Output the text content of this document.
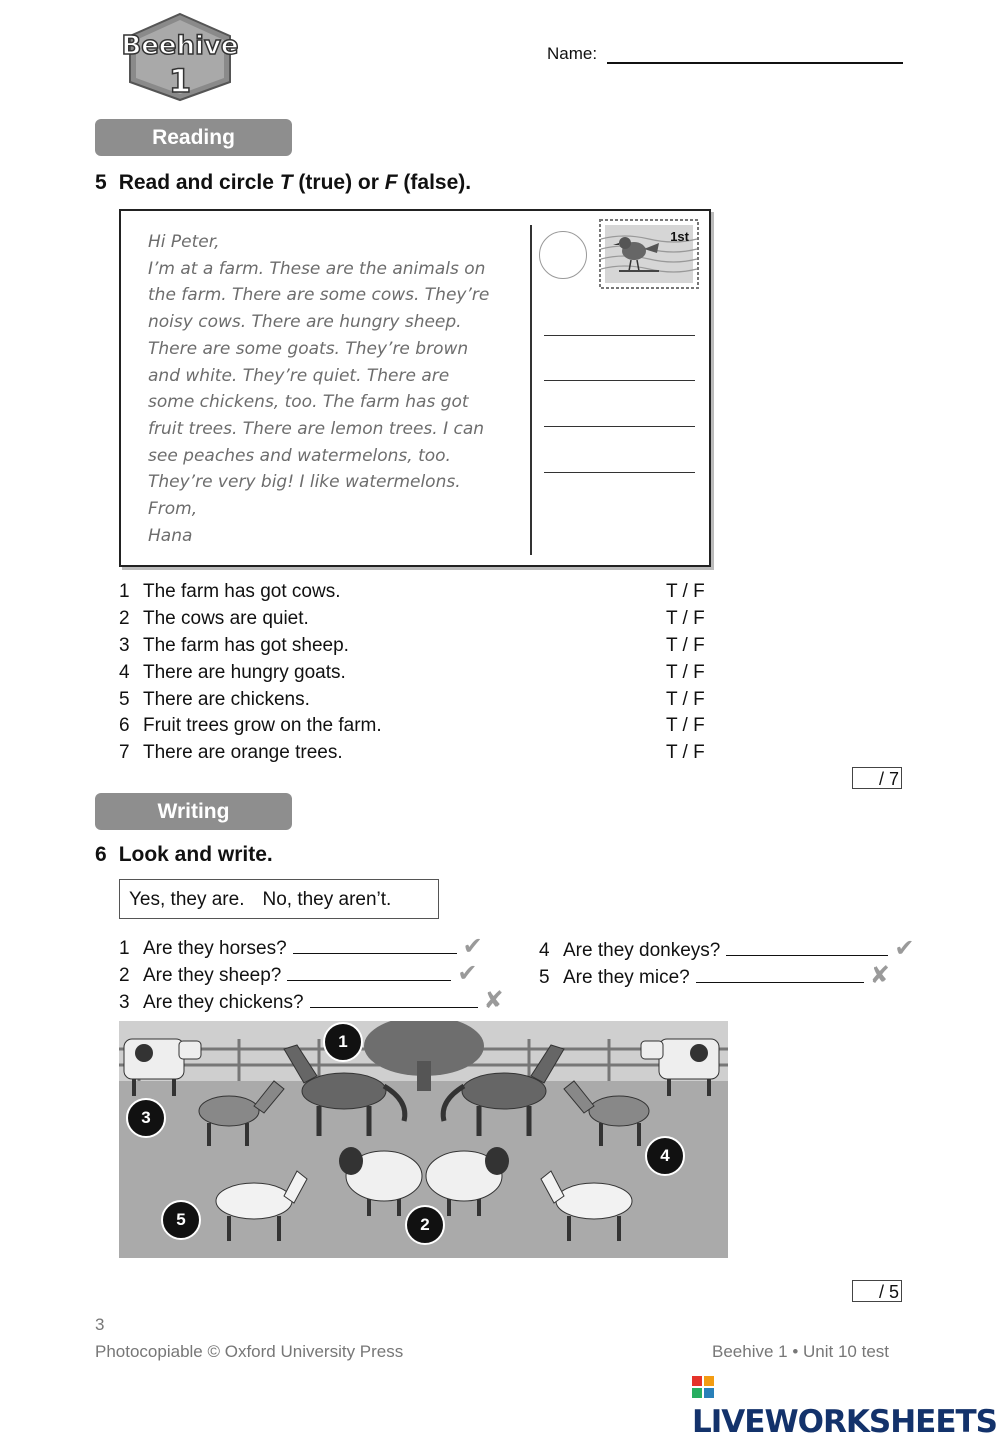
Beehive
1
Name:
Reading
5 Read and circle T (true) or F (false).
Hi Peter,
I’m at a farm. These are the animals on
the farm. There are some cows. They’re
noisy cows. There are hungry sheep.
There are some goats. They’re brown
and white. They’re quiet. There are
some chickens, too. The farm has got
fruit trees. There are lemon trees. I can
see peaches and watermelons, too.
They’re very big! I like watermelons.
From,
Hana
1st
1 The farm has got cows.	T / F
2 The cows are quiet.	T / F
3 The farm has got sheep.	T / F
4 There are hungry goats.	T / F
5 There are chickens.	T / F
6 Fruit trees grow on the farm.	T / F
7 There are orange trees.	T / F
/ 7
Writing
6 Look and write.
Yes, they are. No, they aren’t.
1 Are they horses?	✔
2 Are they sheep?	✔
3 Are they chickens?	✘
4 Are they donkeys?	✔
5 Are they mice?	✘
1
2
3
4
5
/ 5
3
Photocopiable © Oxford University Press	Beehive 1 • Unit 10 test
LIVEWORKSHEETS
